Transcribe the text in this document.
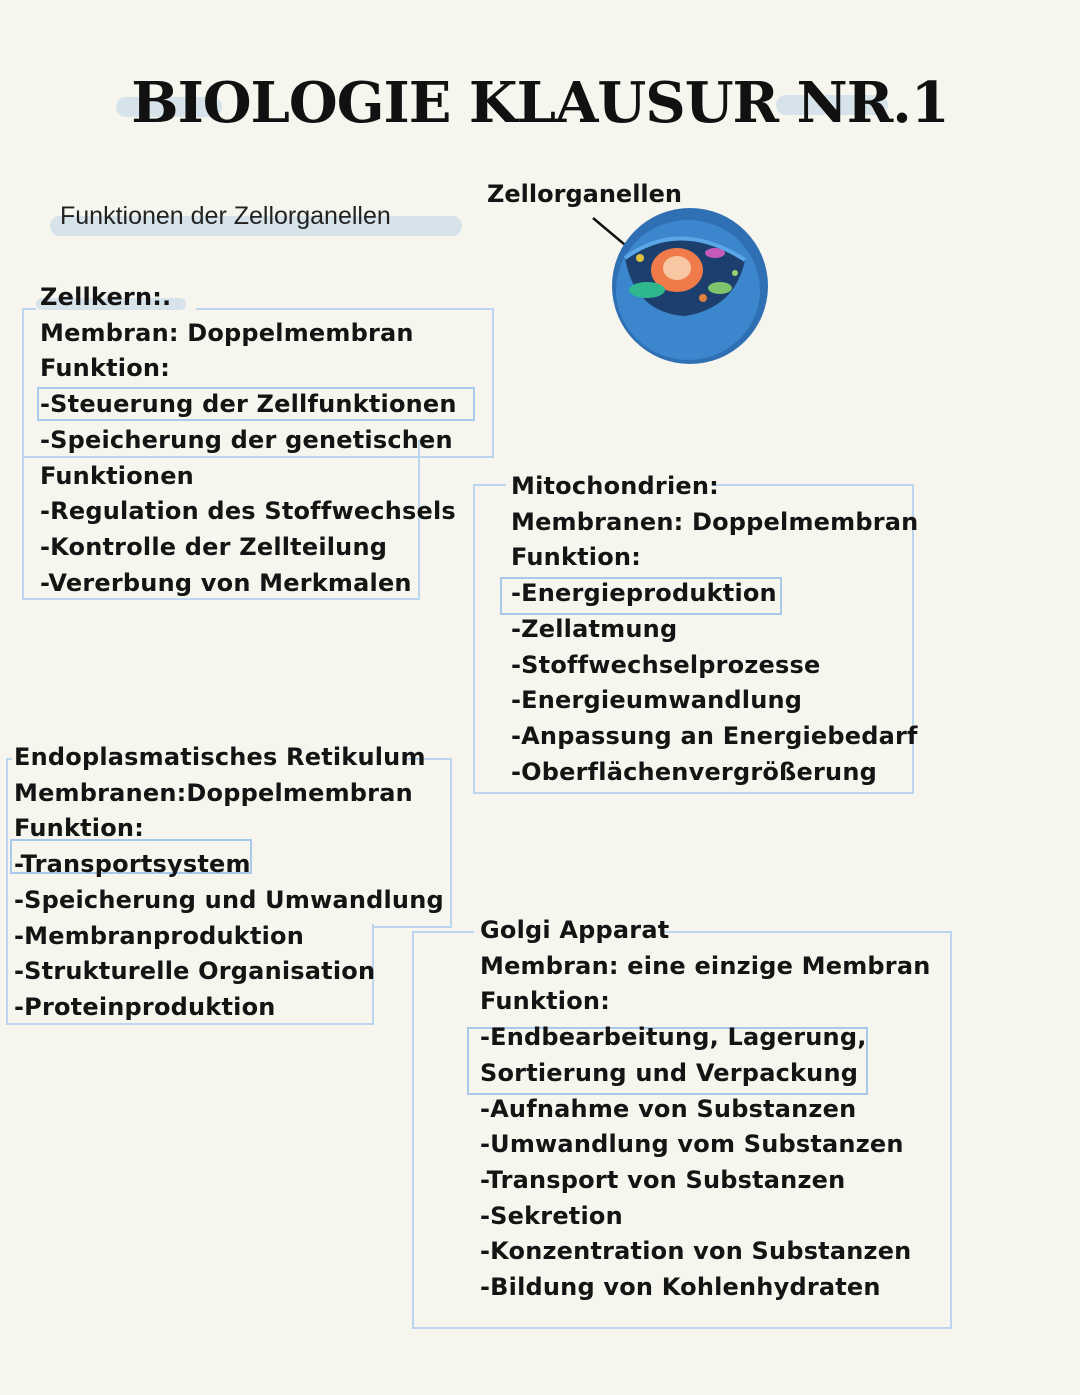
BIOLOGIE KLAUSUR NR.1
Funktionen der Zellorganellen
Zellorganellen
Zellkern:.
Membran: Doppelmembran
Funktion:
-Steuerung der Zellfunktionen
-Speicherung der genetischen
Funktionen
-Regulation des Stoffwechsels
-Kontrolle der Zellteilung
-Vererbung von Merkmalen
Mitochondrien:
Membranen: Doppelmembran
Funktion:
-Energieproduktion
-Zellatmung
-Stoffwechselprozesse
-Energieumwandlung
-Anpassung an Energiebedarf
-Oberflächenvergrößerung
Endoplasmatisches Retikulum
Membranen:Doppelmembran
Funktion:
-Transportsystem
-Speicherung und Umwandlung
-Membranproduktion
-Strukturelle Organisation
-Proteinproduktion
Golgi Apparat
Membran: eine einzige Membran
Funktion:
-Endbearbeitung, Lagerung,
Sortierung und Verpackung
-Aufnahme von Substanzen
-Umwandlung vom Substanzen
-Transport von Substanzen
-Sekretion
-Konzentration von Substanzen
-Bildung von Kohlenhydraten
